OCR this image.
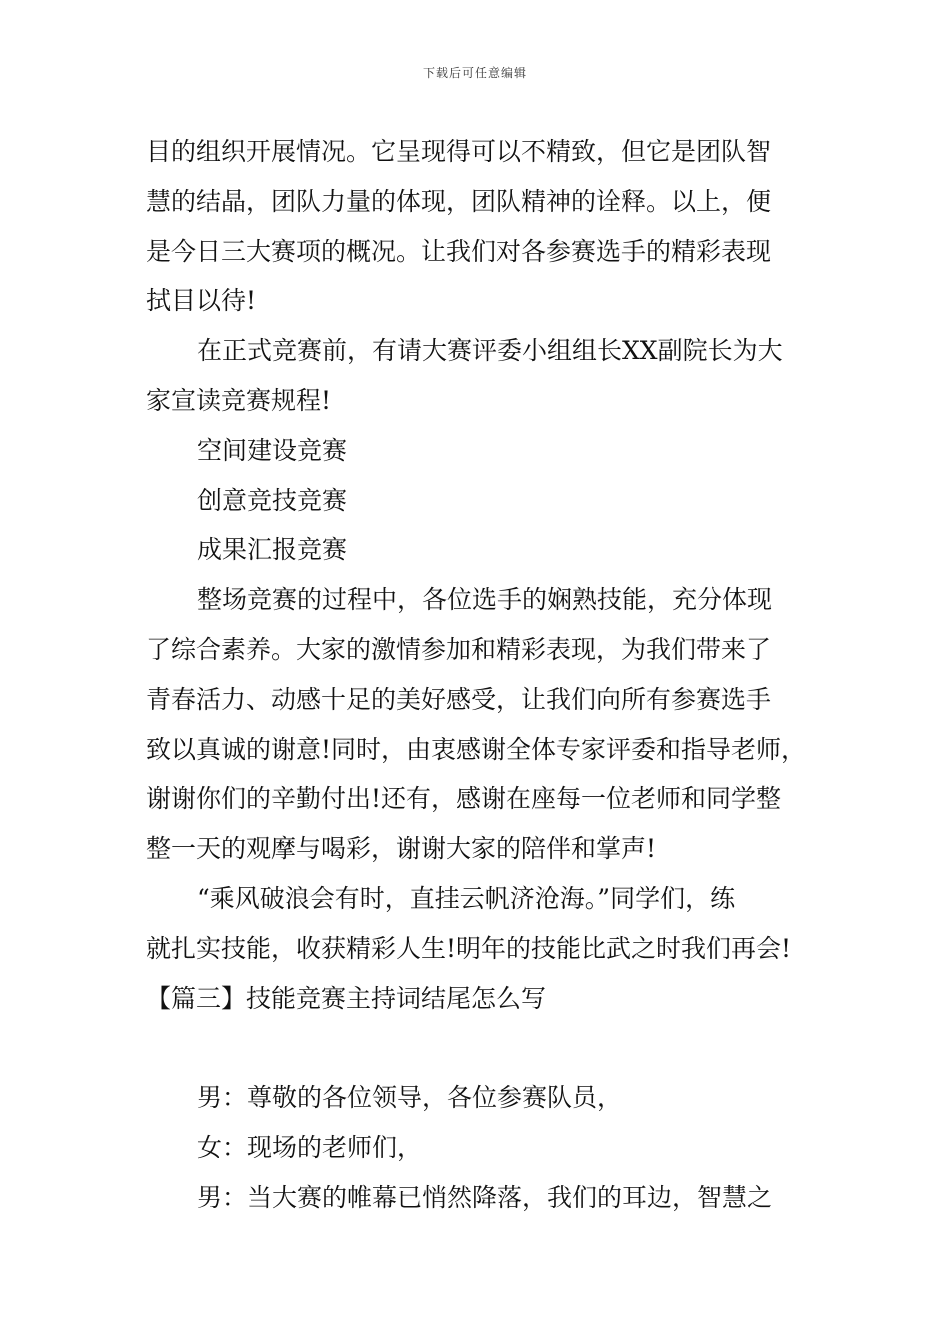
下载后可任意编辑
目的组织开展情况。它呈现得可以不精致，但它是团队智
慧的结晶，团队力量的体现，团队精神的诠释。以上，便
是今日三大赛项的概况。让我们对各参赛选手的精彩表现
拭目以待!
在正式竞赛前，有请大赛评委小组组长XX副院长为大
家宣读竞赛规程!
空间建设竞赛
创意竞技竞赛
成果汇报竞赛
整场竞赛的过程中，各位选手的娴熟技能，充分体现
了综合素养。大家的激情参加和精彩表现，为我们带来了
青春活力、动感十足的美好感受，让我们向所有参赛选手
致以真诚的谢意!同时，由衷感谢全体专家评委和指导老师，
谢谢你们的辛勤付出!还有，感谢在座每一位老师和同学整
整一天的观摩与喝彩，谢谢大家的陪伴和掌声!
“乘风破浪会有时，直挂云帆济沧海。”同学们，练
就扎实技能，收获精彩人生!明年的技能比武之时我们再会!
【篇三】技能竞赛主持词结尾怎么写
男：尊敬的各位领导，各位参赛队员，
女：现场的老师们，
男：当大赛的帷幕已悄然降落，我们的耳边，智慧之
